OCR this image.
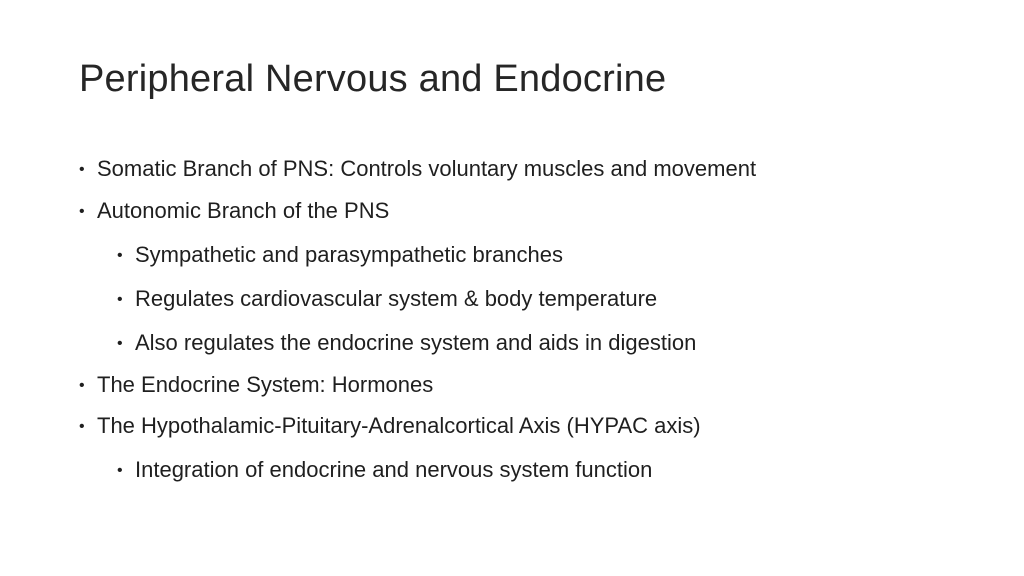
Peripheral Nervous and Endocrine
• Somatic Branch of PNS: Controls voluntary muscles and movement
• Autonomic Branch of the PNS
• Sympathetic and parasympathetic branches
• Regulates cardiovascular system & body temperature
• Also regulates the endocrine system and aids in digestion
• The Endocrine System: Hormones
• The Hypothalamic-Pituitary-Adrenalcortical Axis (HYPAC axis)
• Integration of endocrine and nervous system function
